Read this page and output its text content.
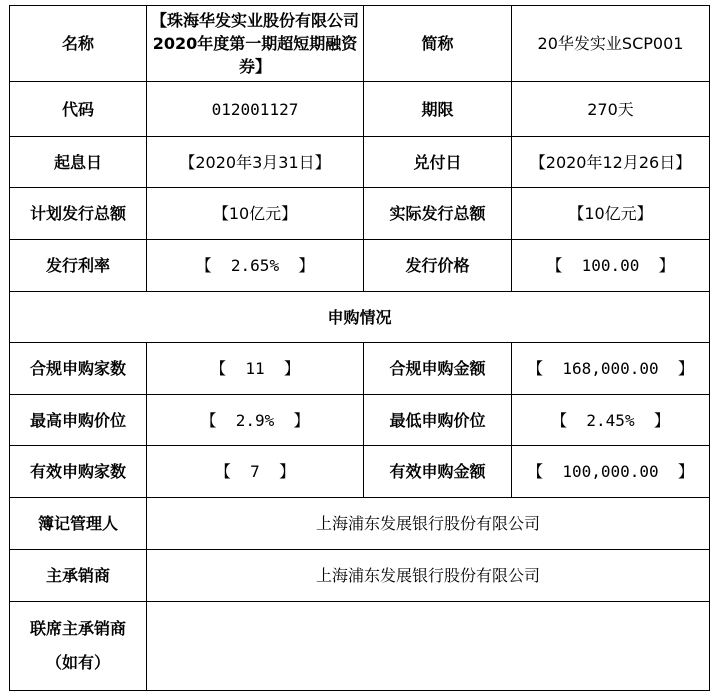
名称	【珠海华发实业股份有限公司2020年度第一期超短期融资券】	简称	20华发实业SCP001
代码	012001127	期限	270天
起息日	【2020年3月31日】	兑付日	【2020年12月26日】
计划发行总额	【10亿元】	实际发行总额	【10亿元】
发行利率	【  2.65%  】	发行价格	【  100.00  】
申购情况			
合规申购家数	【  11  】	合规申购金额	【  168,000.00  】
最高申购价位	【  2.9%  】	最低申购价位	【  2.45%  】
有效申购家数	【  7  】	有效申购金额	【  100,000.00  】
簿记管理人	上海浦东发展银行股份有限公司		
主承销商	上海浦东发展银行股份有限公司		
联席主承销商
（如有）			
